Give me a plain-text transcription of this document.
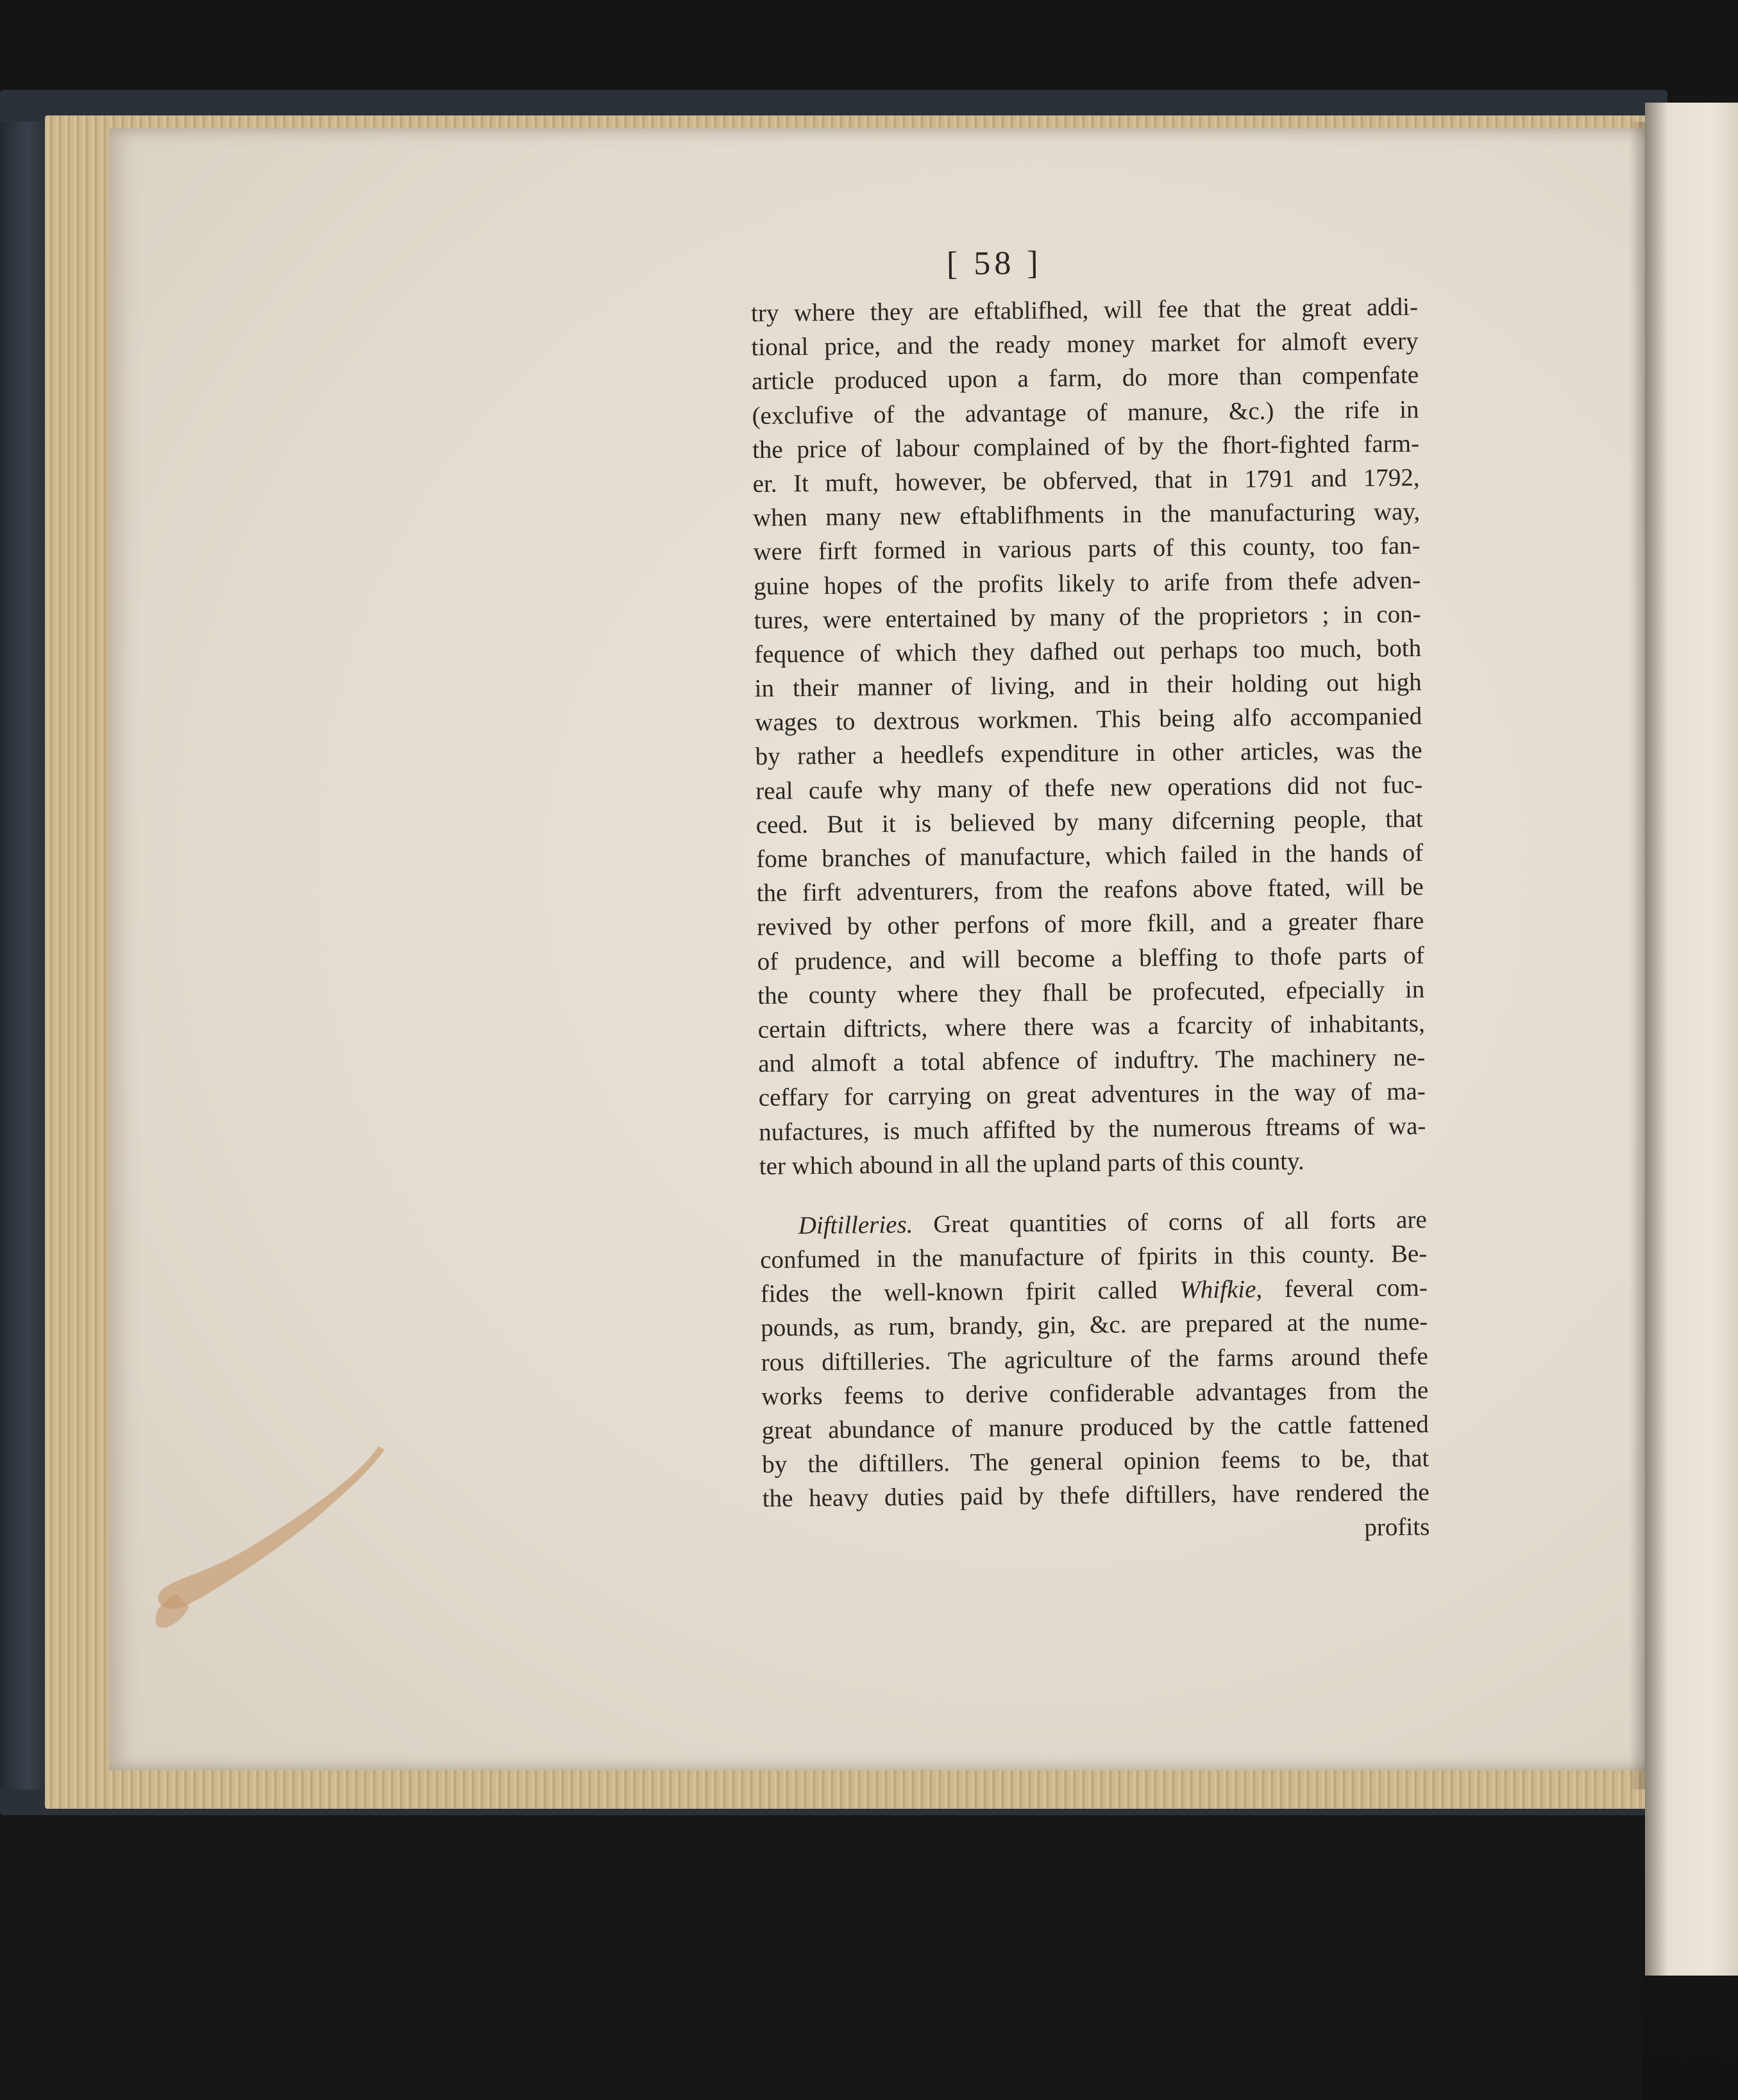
[ 58 ]
try where they are eftablifhed, will fee that the great addi-
tional price, and the ready money market for almoft every
article produced upon a farm, do more than compenfate
(exclufive of the advantage of manure, &c.) the rife in
the price of labour complained of by the fhort-fighted farm-
er. It muft, however, be obferved, that in 1791 and 1792,
when many new eftablifhments in the manufacturing way,
were firft formed in various parts of this county, too fan-
guine hopes of the profits likely to arife from thefe adven-
tures, were entertained by many of the proprietors ; in con-
fequence of which they dafhed out perhaps too much, both
in their manner of living, and in their holding out high
wages to dextrous workmen. This being alfo accompanied
by rather a heedlefs expenditure in other articles, was the
real caufe why many of thefe new operations did not fuc-
ceed. But it is believed by many difcerning people, that
fome branches of manufacture, which failed in the hands of
the firft adventurers, from the reafons above ftated, will be
revived by other perfons of more fkill, and a greater fhare
of prudence, and will become a bleffing to thofe parts of
the county where they fhall be profecuted, efpecially in
certain diftricts, where there was a fcarcity of inhabitants,
and almoft a total abfence of induftry. The machinery ne-
ceffary for carrying on great adventures in the way of ma-
nufactures, is much affifted by the numerous ftreams of wa-
ter which abound in all the upland parts of this county.
Diftilleries. Great quantities of corns of all forts are
confumed in the manufacture of fpirits in this county. Be-
fides the well-known fpirit called Whifkie, feveral com-
pounds, as rum, brandy, gin, &c. are prepared at the nume-
rous diftilleries. The agriculture of the farms around thefe
works feems to derive confiderable advantages from the
great abundance of manure produced by the cattle fattened
by the diftillers. The general opinion feems to be, that
the heavy duties paid by thefe diftillers, have rendered the
profits
